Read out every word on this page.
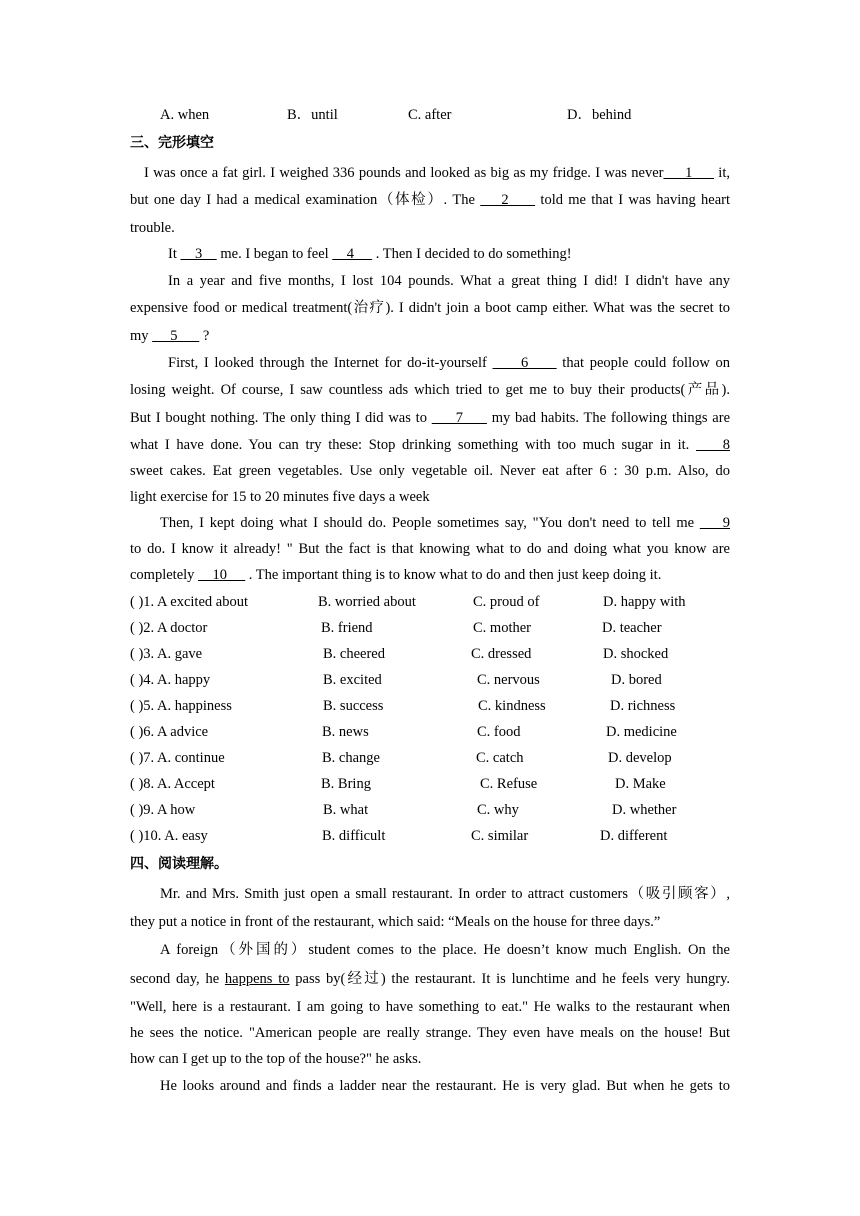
A. when	B．until	C. after	D．behind
三、完形填空
I was once a fat girl. I weighed 336 pounds and looked as big as my fridge. I was never     1      it,
but one day I had a medical examination（体检）. The     2      told me that I was having heart
trouble.
It     3     me. I began to feel     4      . Then I decided to do something!
In a year and five months, I lost 104 pounds. What a great thing I did! I didn't have any
expensive food or medical treatment(治疗). I didn't join a boot camp either. What was the secret to
my      5       ?
First, I looked through the Internet for do-it-yourself      6      that people could follow on
losing weight. Of course, I saw countless ads which tried to get me to buy their products(产品).
But I bought nothing. The only thing I did was to      7      my bad habits. The following things are
what I have done. You can try these: Stop drinking something with too much sugar in it.     8
sweet cakes. Eat green vegetables. Use only vegetable oil. Never eat after 6 : 30 p.m. Also, do
light exercise for 15 to 20 minutes five days a week
Then, I kept doing what I should do. People sometimes say, "You don't need to tell me     9
to do. I know it already! " But the fact is that knowing what to do and doing what you know are
completely     10      . The important thing is to know what to do and then just keep doing it.
( )1. A excited about	B. worried about	C. proud of	D. happy with
( )2. A doctor	B. friend	C. mother	D. teacher
( )3. A. gave	B. cheered	C. dressed	D. shocked
( )4. A. happy	B. excited	C. nervous	D. bored
( )5. A. happiness	B. success	C. kindness	D. richness
( )6. A advice	B. news	C. food	D. medicine
( )7. A. continue	B. change	C. catch	D. develop
( )8. A. Accept	B. Bring	C. Refuse	D. Make
( )9. A how	B. what	C. why	D. whether
( )10. A. easy	B. difficult	C. similar	D. different
四、阅读理解。
Mr. and Mrs. Smith just open a small restaurant. In order to attract customers（吸引顾客）,
they put a notice in front of the restaurant, which said: “Meals on the house for three days.”
A foreign（外国的）student comes to the place. He doesn’t know much English. On the
second day, he happens to pass by(经过) the restaurant. It is lunchtime and he feels very hungry.
"Well, here is a restaurant. I am going to have something to eat." He walks to the restaurant when
he sees the notice. "American people are really strange. They even have meals on the house! But
how can I get up to the top of the house?" he asks.
He looks around and finds a ladder near the restaurant. He is very glad. But when he gets to
